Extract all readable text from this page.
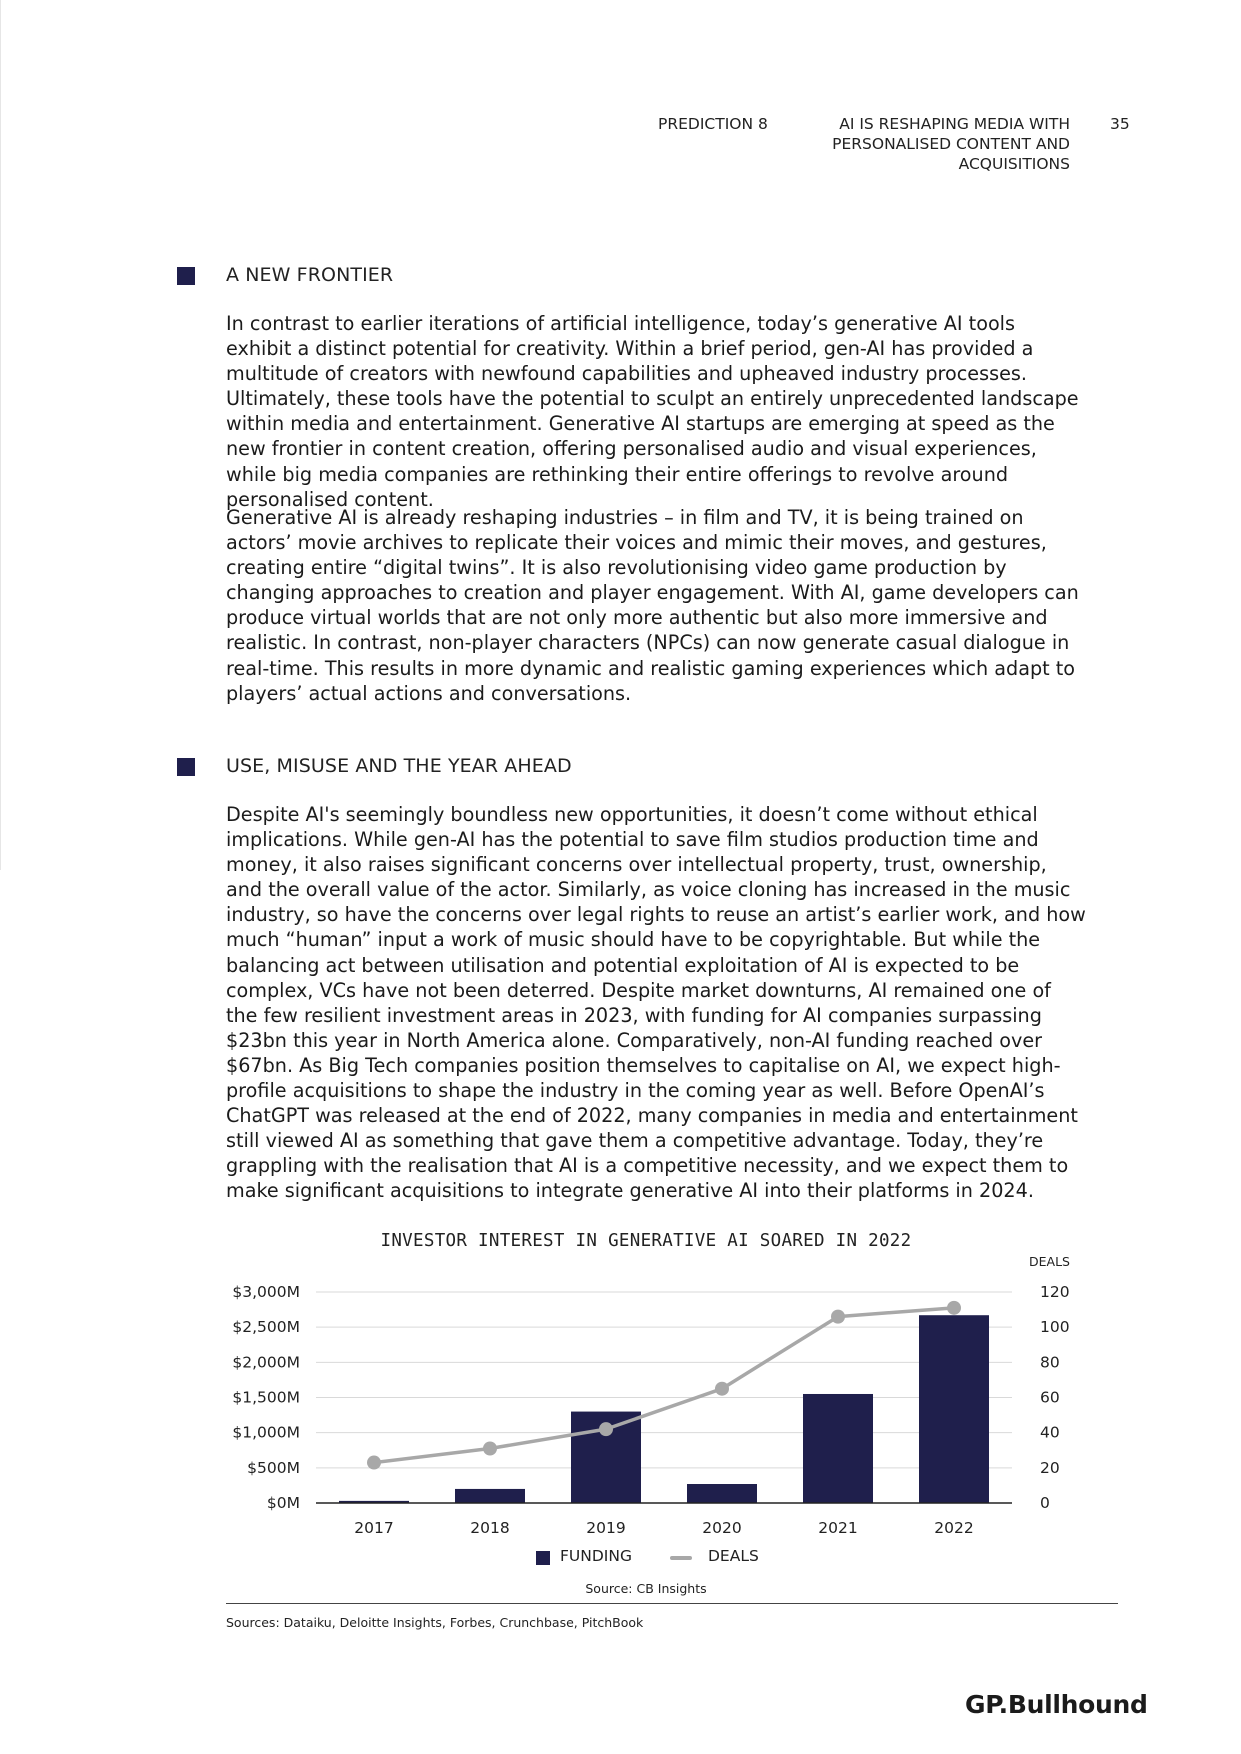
PREDICTION 8	AI IS RESHAPING MEDIA WITH
PERSONALISED CONTENT AND
ACQUISITIONS
35
A NEW FRONTIER

In contrast to earlier iterations of artificial intelligence, today’s generative AI tools exhibit a distinct potential for creativity. Within a brief period, gen-AI has provided a multitude of creators with newfound capabilities and upheaved industry processes. Ultimately, these tools have the potential to sculpt an entirely unprecedented landscape within media and entertainment. Generative AI startups are emerging at speed as the new frontier in content creation, offering personalised audio and visual experiences, while big media companies are rethinking their entire offerings to revolve around personalised content.

Generative AI is already reshaping industries – in film and TV, it is being trained on actors’ movie archives to replicate their voices and mimic their moves, and gestures, creating entire “digital twins”. It is also revolutionising video game production by changing approaches to creation and player engagement. With AI, game developers can produce virtual worlds that are not only more authentic but also more immersive and realistic. In contrast, non-player characters (NPCs) can now generate casual dialogue in real-time. This results in more dynamic and realistic gaming experiences which adapt to players’ actual actions and conversations.

USE, MISUSE AND THE YEAR AHEAD

Despite AI's seemingly boundless new opportunities, it doesn’t come without ethical implications. While gen-AI has the potential to save film studios production time and money, it also raises significant concerns over intellectual property, trust, ownership, and the overall value of the actor. Similarly, as voice cloning has increased in the music industry, so have the concerns over legal rights to reuse an artist’s earlier work, and how much “human” input a work of music should have to be copyrightable. But while the balancing act between utilisation and potential exploitation of AI is expected to be complex, VCs have not been deterred. Despite market downturns, AI remained one of the few resilient investment areas in 2023, with funding for AI companies surpassing $23bn this year in North America alone. Comparatively, non-AI funding reached over $67bn. As Big Tech companies position themselves to capitalise on AI, we expect high-profile acquisitions to shape the industry in the coming year as well. Before OpenAI’s ChatGPT was released at the end of 2022, many companies in media and entertainment still viewed AI as something that gave them a competitive advantage. Today, they’re grappling with the realisation that AI is a competitive necessity, and we expect them to make significant acquisitions to integrate generative AI into their platforms in 2024.

INVESTOR INTEREST IN GENERATIVE AI SOARED IN 2022
$0M
$500M
$1,000M
$1,500M
$2,000M
$2,500M
$3,000M
0
20
40
60
80
100
120
DEALS
2017	2018	2019	2020	2021	2022
FUNDING	DEALS
Source: CB Insights
Sources: Dataiku, Deloitte Insights, Forbes, Crunchbase, PitchBook
GP.Bullhound
